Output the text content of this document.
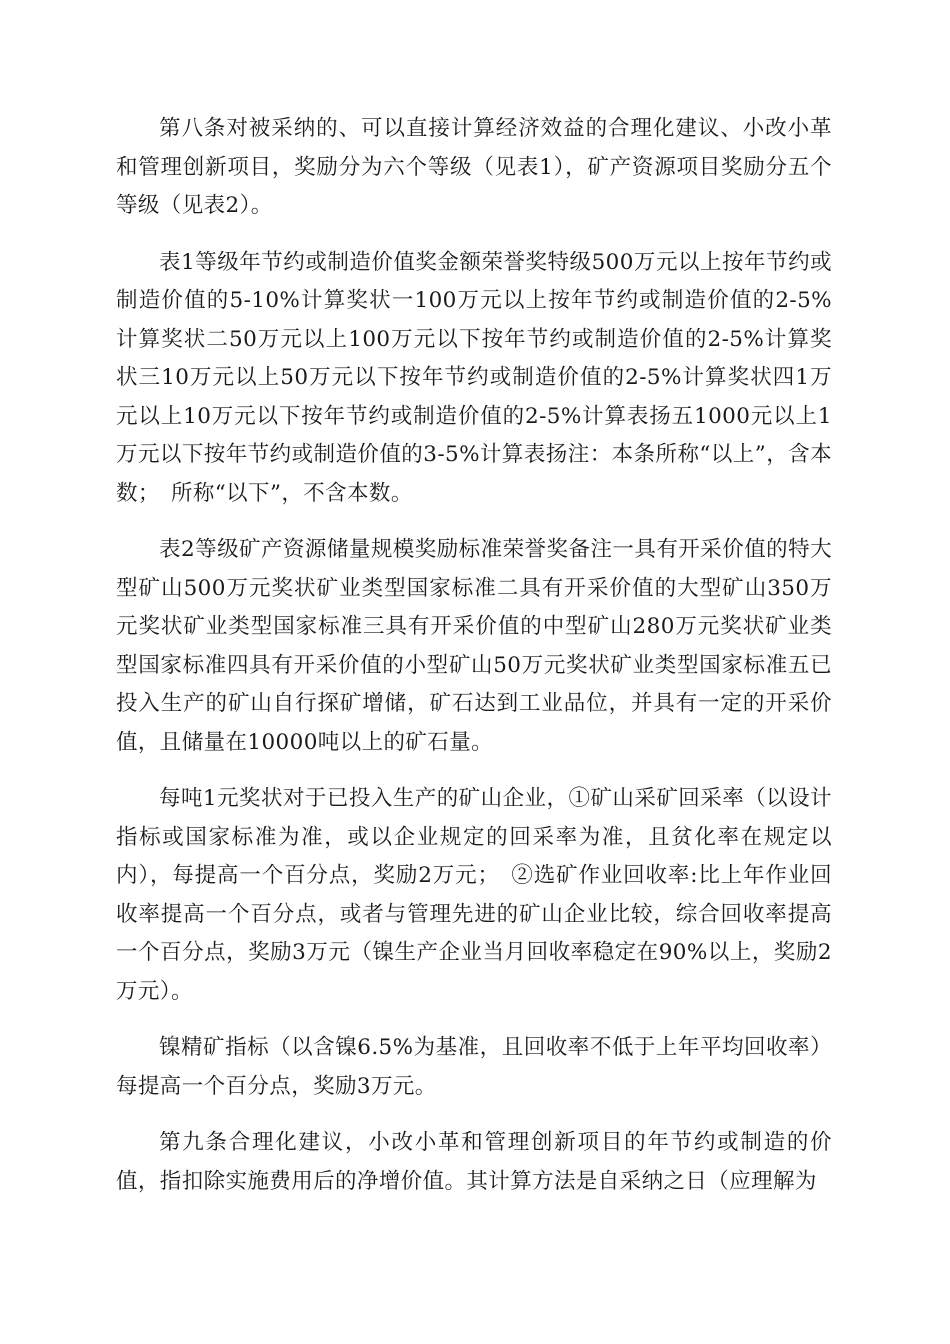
第八条对被采纳的、可以直接计算经济效益的合理化建议、小改小革和管理创新项目，奖励分为六个等级（见表1），矿产资源项目奖励分五个等级（见表2）。

表1等级年节约或制造价值奖金额荣誉奖特级500万元以上按年节约或制造价值的5-10%计算奖状一100万元以上按年节约或制造价值的2-5%计算奖状二50万元以上100万元以下按年节约或制造价值的2-5%计算奖状三10万元以上50万元以下按年节约或制造价值的2-5%计算奖状四1万元以上10万元以下按年节约或制造价值的2-5%计算表扬五1000元以上1万元以下按年节约或制造价值的3-5%计算表扬注：本条所称“以上”，含本数；　所称“以下”，不含本数。

表2等级矿产资源储量规模奖励标准荣誉奖备注一具有开采价值的特大型矿山500万元奖状矿业类型国家标准二具有开采价值的大型矿山350万元奖状矿业类型国家标准三具有开采价值的中型矿山280万元奖状矿业类型国家标准四具有开采价值的小型矿山50万元奖状矿业类型国家标准五已投入生产的矿山自行探矿增储，矿石达到工业品位，并具有一定的开采价值，且储量在10000吨以上的矿石量。

每吨1元奖状对于已投入生产的矿山企业，①矿山采矿回采率（以设计指标或国家标准为准，或以企业规定的回采率为准，且贫化率在规定以内），每提高一个百分点，奖励2万元；　②选矿作业回收率:比上年作业回收率提高一个百分点，或者与管理先进的矿山企业比较，综合回收率提高一个百分点，奖励3万元（镍生产企业当月回收率稳定在90%以上，奖励2万元）。

镍精矿指标（以含镍6.5%为基准，且回收率不低于上年平均回收率）每提高一个百分点，奖励3万元。

第九条合理化建议，小改小革和管理创新项目的年节约或制造的价值，指扣除实施费用后的净增价值。其计算方法是自采纳之日（应理解为
